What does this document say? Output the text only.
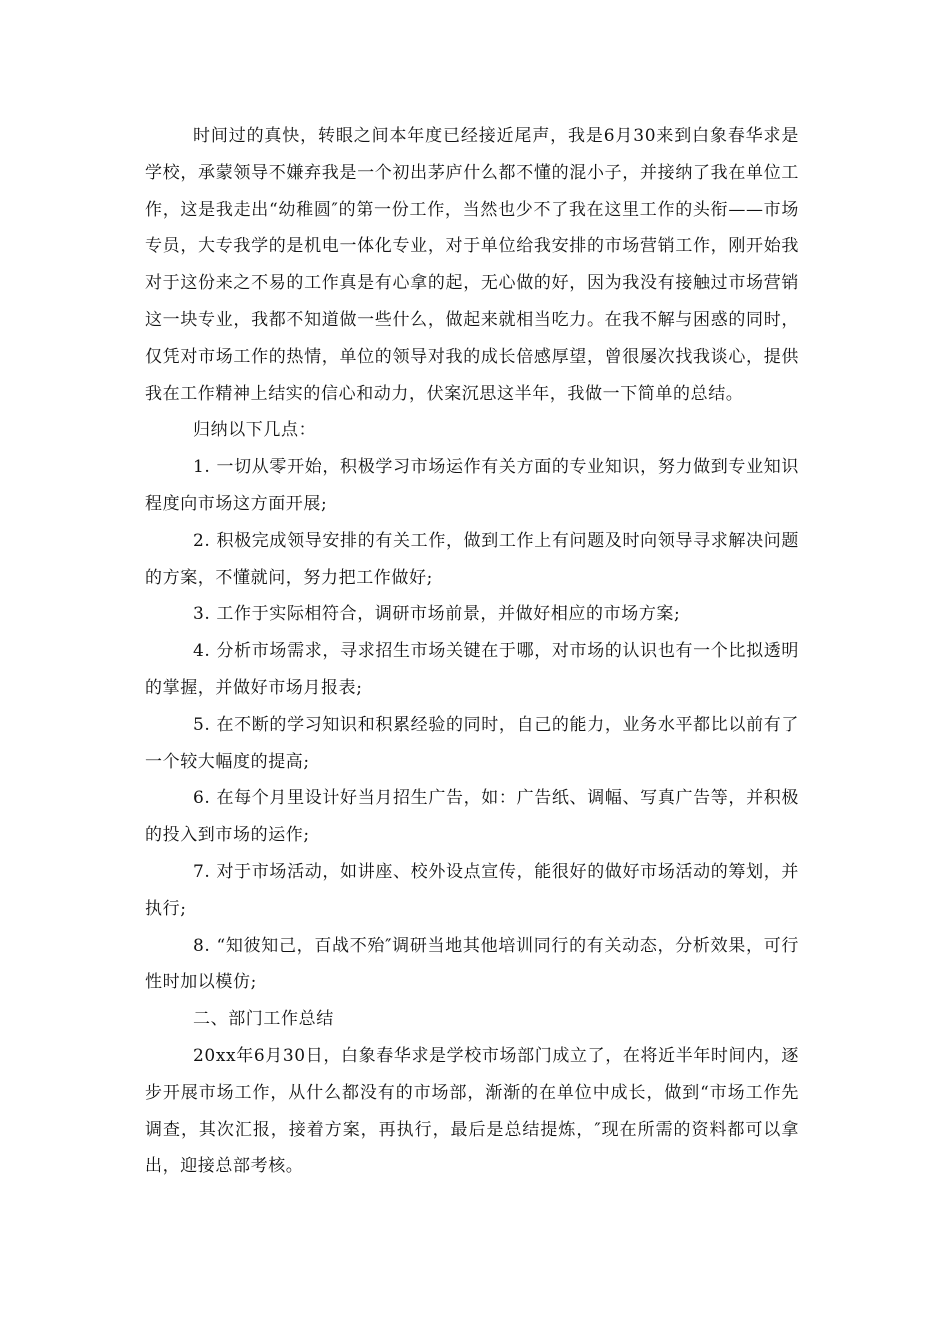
时间过的真快，转眼之间本年度已经接近尾声，我是6月30来到白象春华求是学校，承蒙领导不嫌弃我是一个初出茅庐什么都不懂的混小子，并接纳了我在单位工作，这是我走出“幼稚圆″的第一份工作，当然也少不了我在这里工作的头衔——市场专员，大专我学的是机电一体化专业，对于单位给我安排的市场营销工作，刚开始我对于这份来之不易的工作真是有心拿的起，无心做的好，因为我没有接触过市场营销这一块专业，我都不知道做一些什么，做起来就相当吃力。在我不解与困惑的同时，仅凭对市场工作的热情，单位的领导对我的成长倍感厚望，曾很屡次找我谈心，提供我在工作精神上结实的信心和动力，伏案沉思这半年，我做一下简单的总结。

归纳以下几点：

1. 一切从零开始，积极学习市场运作有关方面的专业知识，努力做到专业知识程度向市场这方面开展;

2. 积极完成领导安排的有关工作，做到工作上有问题及时向领导寻求解决问题的方案，不懂就问，努力把工作做好;

3. 工作于实际相符合，调研市场前景，并做好相应的市场方案;

4. 分析市场需求，寻求招生市场关键在于哪，对市场的认识也有一个比拟透明的掌握，并做好市场月报表;

5. 在不断的学习知识和积累经验的同时，自己的能力，业务水平都比以前有了一个较大幅度的提高;

6. 在每个月里设计好当月招生广告，如：广告纸、调幅、写真广告等，并积极的投入到市场的运作;

7. 对于市场活动，如讲座、校外设点宣传，能很好的做好市场活动的筹划，并执行;

8. “知彼知己，百战不殆″调研当地其他培训同行的有关动态，分析效果，可行性时加以模仿;

二、部门工作总结

20xx年6月30日，白象春华求是学校市场部门成立了，在将近半年时间内，逐步开展市场工作，从什么都没有的市场部，渐渐的在单位中成长，做到“市场工作先调查，其次汇报，接着方案，再执行，最后是总结提炼，″现在所需的资料都可以拿出，迎接总部考核。
